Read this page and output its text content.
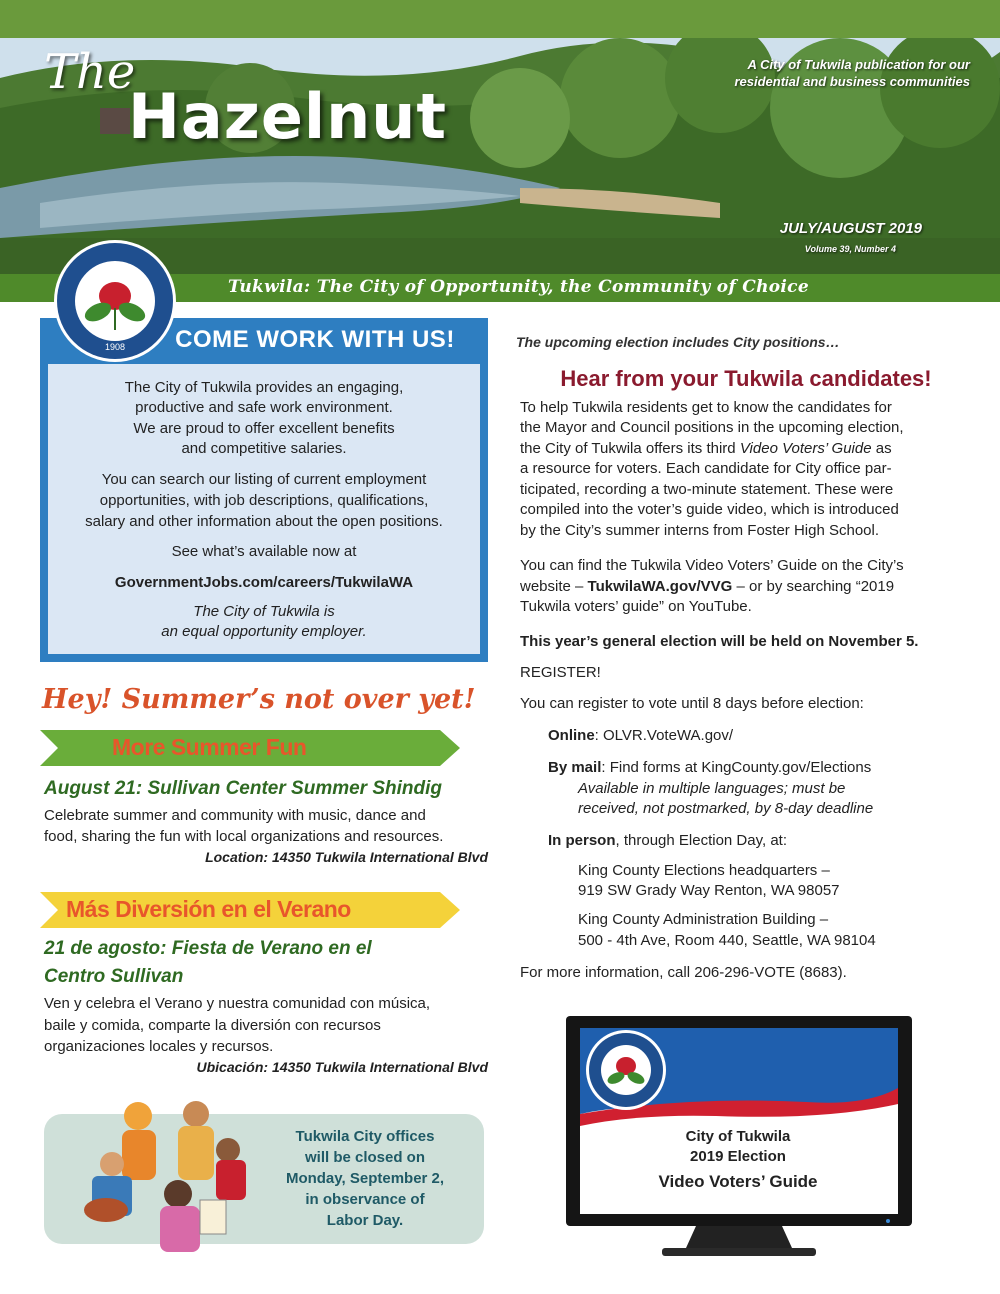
The
Hazelnut
A City of Tukwila publication for our residential and business communities
JULY/AUGUST 2019
Volume 39, Number 4
Tukwila: The City of Opportunity, the Community of Choice
COME WORK WITH US!
The City of Tukwila provides an engaging,
productive and safe work environment.
We are proud to offer excellent benefits
and competitive salaries.
You can search our listing of current employment
opportunities, with job descriptions, qualifications,
salary and other information about the open positions.
See what’s available now at
GovernmentJobs.com/careers/TukwilaWA
The City of Tukwila is
an equal opportunity employer.
1908
Hey! Summer’s not over yet!
More Summer Fun
August 21: Sullivan Center Summer Shindig
Celebrate summer and community with music, dance and
food, sharing the fun with local organizations and resources.
Location: 14350 Tukwila International Blvd
Más Diversión en el Verano
21 de agosto: Fiesta de Verano en el
Centro Sullivan
Ven y celebra el Verano y nuestra comunidad con música,
baile y comida, comparte la diversión con recursos
organizaciones locales y recursos.
Ubicación: 14350 Tukwila International Blvd
Tukwila City offices
will be closed on
Monday, September 2,
in observance of
Labor Day.
The upcoming election includes City positions…
Hear from your Tukwila candidates!
To help Tukwila residents get to know the candidates for
the Mayor and Council positions in the upcoming election,
the City of Tukwila offers its third Video Voters’ Guide as
a resource for voters. Each candidate for City office par-
ticipated, recording a two-minute statement. These were
compiled into the voter’s guide video, which is introduced
by the City’s summer interns from Foster High School.
You can find the Tukwila Video Voters’ Guide on the City’s
website – TukwilaWA.gov/VVG – or by searching “2019
Tukwila voters’ guide” on YouTube.
This year’s general election will be held on November 5.
REGISTER!
You can register to vote until 8 days before election:
Online: OLVR.VoteWA.gov/
By mail: Find forms at KingCounty.gov/Elections
Available in multiple languages; must be
received, not postmarked, by 8-day deadline
In person, through Election Day, at:
King County Elections headquarters –
919 SW Grady Way Renton, WA 98057
King County Administration Building –
500 - 4th Ave, Room 440, Seattle, WA 98104
For more information, call 206-296-VOTE (8683).
City of Tukwila
2019 Election
Video Voters’ Guide
